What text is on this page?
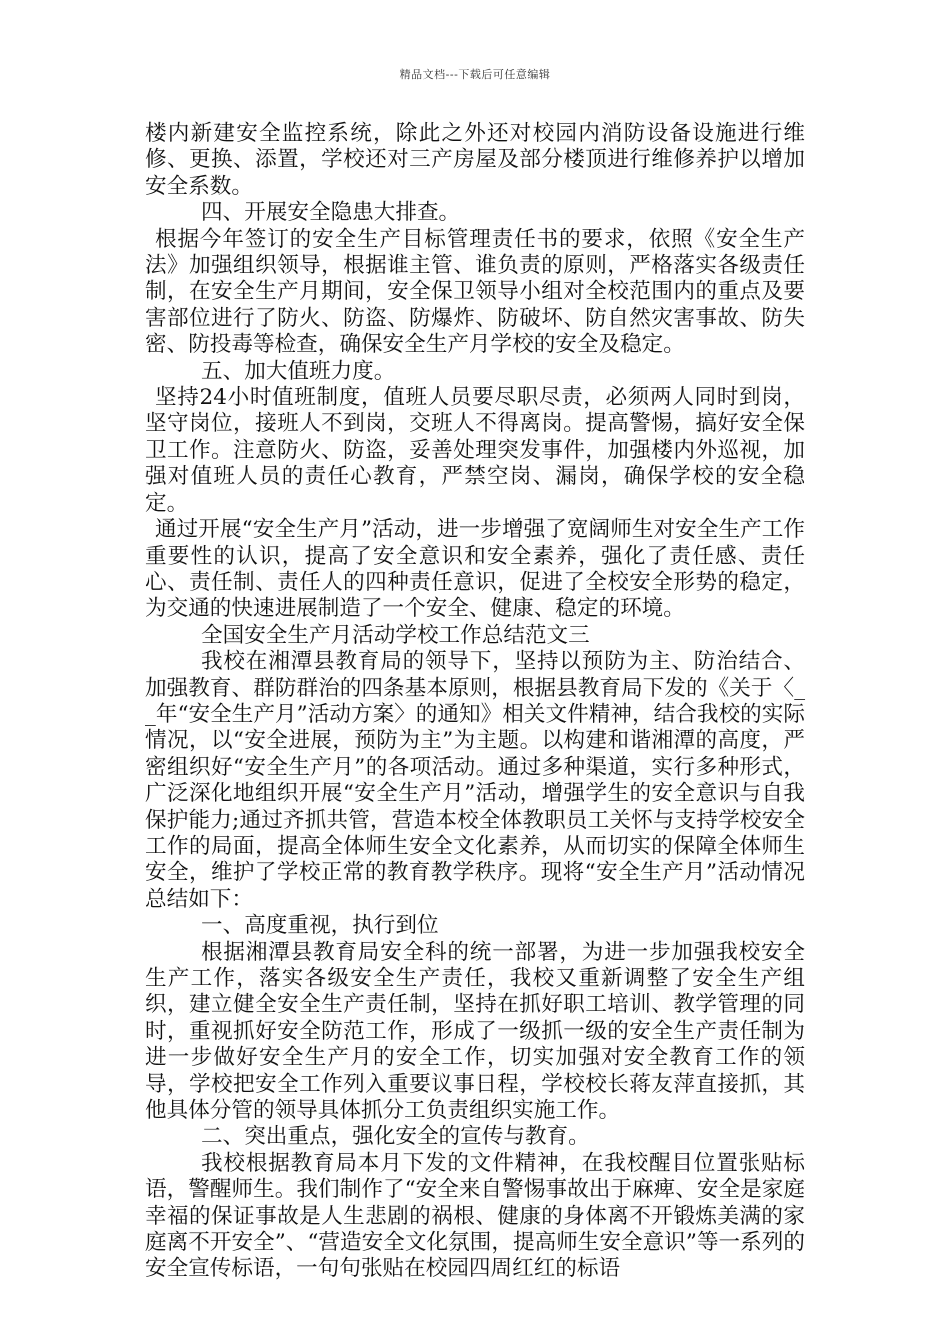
精品文档---下载后可任意编辑

楼内新建安全监控系统，除此之外还对校园内消防设备设施进行维修、更换、添置，学校还对三产房屋及部分楼顶进行维修养护以增加安全系数。

四、开展安全隐患大排查。

根据今年签订的安全生产目标管理责任书的要求，依照《安全生产法》加强组织领导，根据谁主管、谁负责的原则，严格落实各级责任制，在安全生产月期间，安全保卫领导小组对全校范围内的重点及要害部位进行了防火、防盗、防爆炸、防破坏、防自然灾害事故、防失密、防投毒等检查，确保安全生产月学校的安全及稳定。

五、加大值班力度。

坚持24小时值班制度，值班人员要尽职尽责，必须两人同时到岗，坚守岗位，接班人不到岗，交班人不得离岗。提高警惕，搞好安全保卫工作。注意防火、防盗，妥善处理突发事件，加强楼内外巡视，加强对值班人员的责任心教育，严禁空岗、漏岗，确保学校的安全稳定。

通过开展“安全生产月”活动，进一步增强了宽阔师生对安全生产工作重要性的认识，提高了安全意识和安全素养，强化了责任感、责任心、责任制、责任人的四种责任意识，促进了全校安全形势的稳定，为交通的快速进展制造了一个安全、健康、稳定的环境。

全国安全生产月活动学校工作总结范文三

我校在湘潭县教育局的领导下，坚持以预防为主、防治结合、加强教育、群防群治的四条基本原则，根据县教育局下发的《关于〈__年“安全生产月”活动方案〉的通知》相关文件精神，结合我校的实际情况，以“安全进展，预防为主”为主题。以构建和谐湘潭的高度，严密组织好“安全生产月”的各项活动。通过多种渠道，实行多种形式，广泛深化地组织开展“安全生产月”活动，增强学生的安全意识与自我保护能力;通过齐抓共管，营造本校全体教职员工关怀与支持学校安全工作的局面，提高全体师生安全文化素养，从而切实的保障全体师生安全，维护了学校正常的教育教学秩序。现将“安全生产月”活动情况总结如下：

一、高度重视，执行到位

根据湘潭县教育局安全科的统一部署，为进一步加强我校安全生产工作，落实各级安全生产责任，我校又重新调整了安全生产组织，建立健全安全生产责任制，坚持在抓好职工培训、教学管理的同时，重视抓好安全防范工作，形成了一级抓一级的安全生产责任制为进一步做好安全生产月的安全工作，切实加强对安全教育工作的领导，学校把安全工作列入重要议事日程，学校校长蒋友萍直接抓，其他具体分管的领导具体抓分工负责组织实施工作。

二、突出重点，强化安全的宣传与教育。

我校根据教育局本月下发的文件精神，在我校醒目位置张贴标语，警醒师生。我们制作了“安全来自警惕事故出于麻痺、安全是家庭幸福的保证事故是人生悲剧的祸根、健康的身体离不开锻炼美满的家庭离不开安全”、“营造安全文化氛围，提高师生安全意识”等一系列的安全宣传标语，一句句张贴在校园四周红红的标语
